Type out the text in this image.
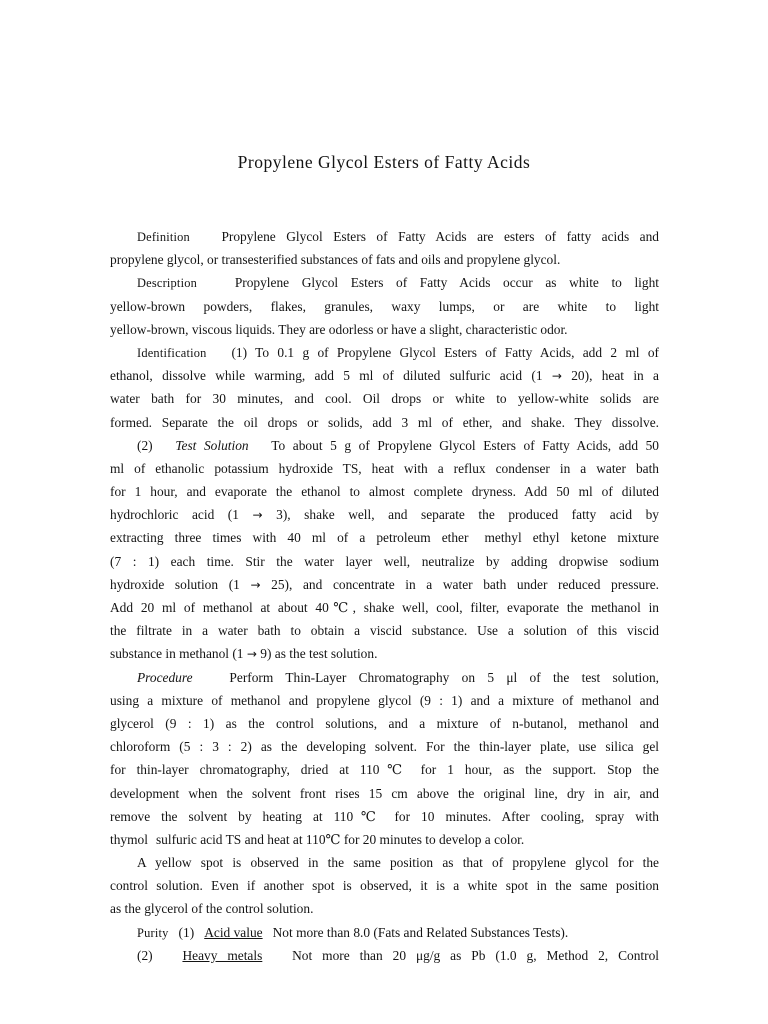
Propylene Glycol Esters of Fatty Acids
Definition Propylene Glycol Esters of Fatty Acids are esters of fatty acids and
propylene glycol, or transesterified substances of fats and oils and propylene glycol.
Description	Propylene Glycol Esters of Fatty Acids occur as white to light
yellow-brown powders, flakes, granules, waxy lumps, or are white to light
yellow-brown, viscous liquids. They are odorless or have a slight, characteristic odor.
Identification (1) To 0.1 g of Propylene Glycol Esters of Fatty Acids, add 2 ml of
ethanol, dissolve while warming, add 5 ml of diluted sulfuric acid (1 → 20), heat in a
water bath for 30 minutes, and cool. Oil drops or white to yellow-white solids are
formed. Separate the oil drops or solids, add 3 ml of ether, and shake. They dissolve.
(2) Test Solution To about 5 g of Propylene Glycol Esters of Fatty Acids, add 50
ml of ethanolic potassium hydroxide TS, heat with a reflux condenser in a water bath
for 1 hour, and evaporate the ethanol to almost complete dryness. Add 50 ml of diluted
hydrochloric acid (1 → 3), shake well, and separate the produced fatty acid by
extracting three times with 40 ml of a petroleum ether methyl ethyl ketone mixture
(7 : 1) each time. Stir the water layer well, neutralize by adding dropwise sodium
hydroxide solution (1 → 25), and concentrate in a water bath under reduced pressure.
Add 20 ml of methanol at about 40℃, shake well, cool, filter, evaporate the methanol in
the filtrate in a water bath to obtain a viscid substance. Use a solution of this viscid
substance in methanol (1 → 9) as the test solution.
Procedure	Perform Thin-Layer Chromatography on 5 μl of the test solution,
using a mixture of methanol and propylene glycol (9 : 1) and a mixture of methanol and
glycerol (9 : 1) as the control solutions, and a mixture of n-butanol, methanol and
chloroform (5 : 3 : 2) as the developing solvent. For the thin-layer plate, use silica gel
for thin-layer chromatography, dried at 110℃ for 1 hour, as the support. Stop the
development when the solvent front rises 15 cm above the original line, dry in air, and
remove the solvent by heating at 110℃ for 10 minutes. After cooling, spray with
thymol sulfuric acid TS and heat at 110℃ for 20 minutes to develop a color.
A yellow spot is observed in the same position as that of propylene glycol for the
control solution. Even if another spot is observed, it is a white spot in the same position
as the glycerol of the control solution.
Purity (1) Acid value Not more than 8.0 (Fats and Related Substances Tests).
(2) Heavy metals Not more than 20 μg/g as Pb (1.0 g, Method 2, Control
